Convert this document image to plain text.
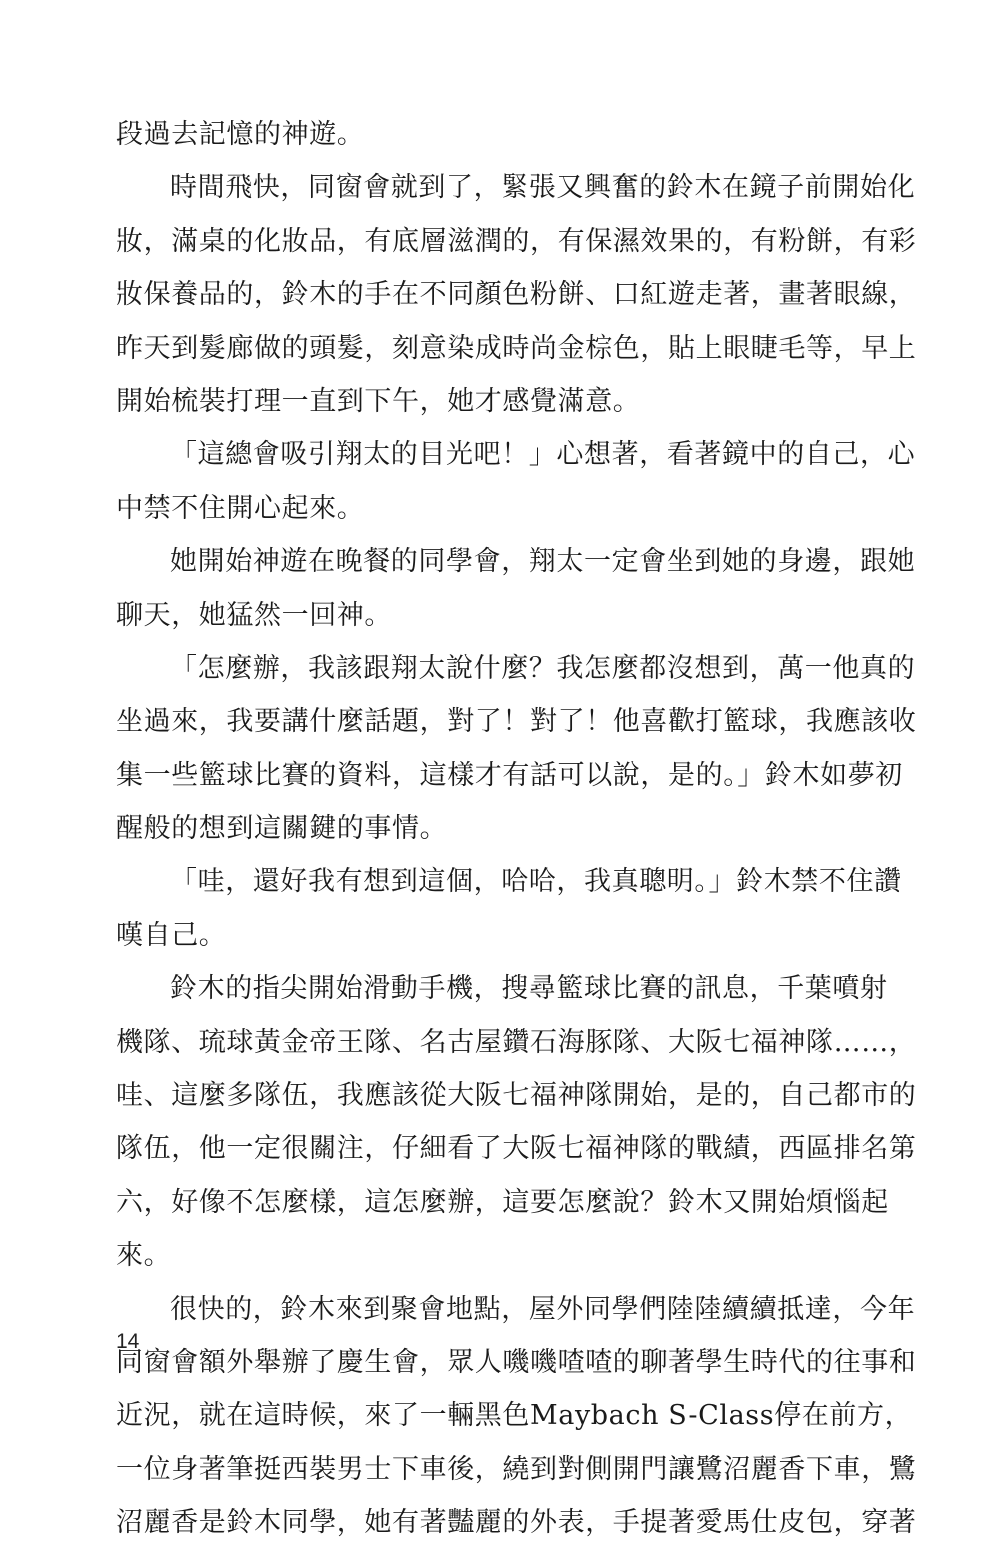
段過去記憶的神遊。
時間飛快，同窗會就到了，緊張又興奮的鈴木在鏡子前開始化
妝，滿桌的化妝品，有底層滋潤的，有保濕效果的，有粉餅，有彩
妝保養品的，鈴木的手在不同顏色粉餅、口紅遊走著，畫著眼線，
昨天到髮廊做的頭髮，刻意染成時尚金棕色，貼上眼睫毛等，早上
開始梳裝打理一直到下午，她才感覺滿意。
「這總會吸引翔太的目光吧！」心想著，看著鏡中的自己，心
中禁不住開心起來。
她開始神遊在晚餐的同學會，翔太一定會坐到她的身邊，跟她
聊天，她猛然一回神。
「怎麼辦，我該跟翔太說什麼？我怎麼都沒想到，萬一他真的
坐過來，我要講什麼話題，對了！對了！他喜歡打籃球，我應該收
集一些籃球比賽的資料，這樣才有話可以說，是的。」鈴木如夢初
醒般的想到這關鍵的事情。
「哇，還好我有想到這個，哈哈，我真聰明。」鈴木禁不住讚
嘆自己。
鈴木的指尖開始滑動手機，搜尋籃球比賽的訊息，千葉噴射
機隊、琉球黃金帝王隊、名古屋鑽石海豚隊、大阪七福神隊……，
哇、這麼多隊伍，我應該從大阪七福神隊開始，是的，自己都市的
隊伍，他一定很關注，仔細看了大阪七福神隊的戰績，西區排名第
六，好像不怎麼樣，這怎麼辦，這要怎麼說？鈴木又開始煩惱起
來。
很快的，鈴木來到聚會地點，屋外同學們陸陸續續抵達，今年
同窗會額外舉辦了慶生會，眾人嘰嘰喳喳的聊著學生時代的往事和
近況，就在這時候，來了一輛黑色Maybach S-Class停在前方，
一位身著筆挺西裝男士下車後，繞到對側開門讓鷺沼麗香下車，鷺
沼麗香是鈴木同學，她有著豔麗的外表，手提著愛馬仕皮包，穿著
14
